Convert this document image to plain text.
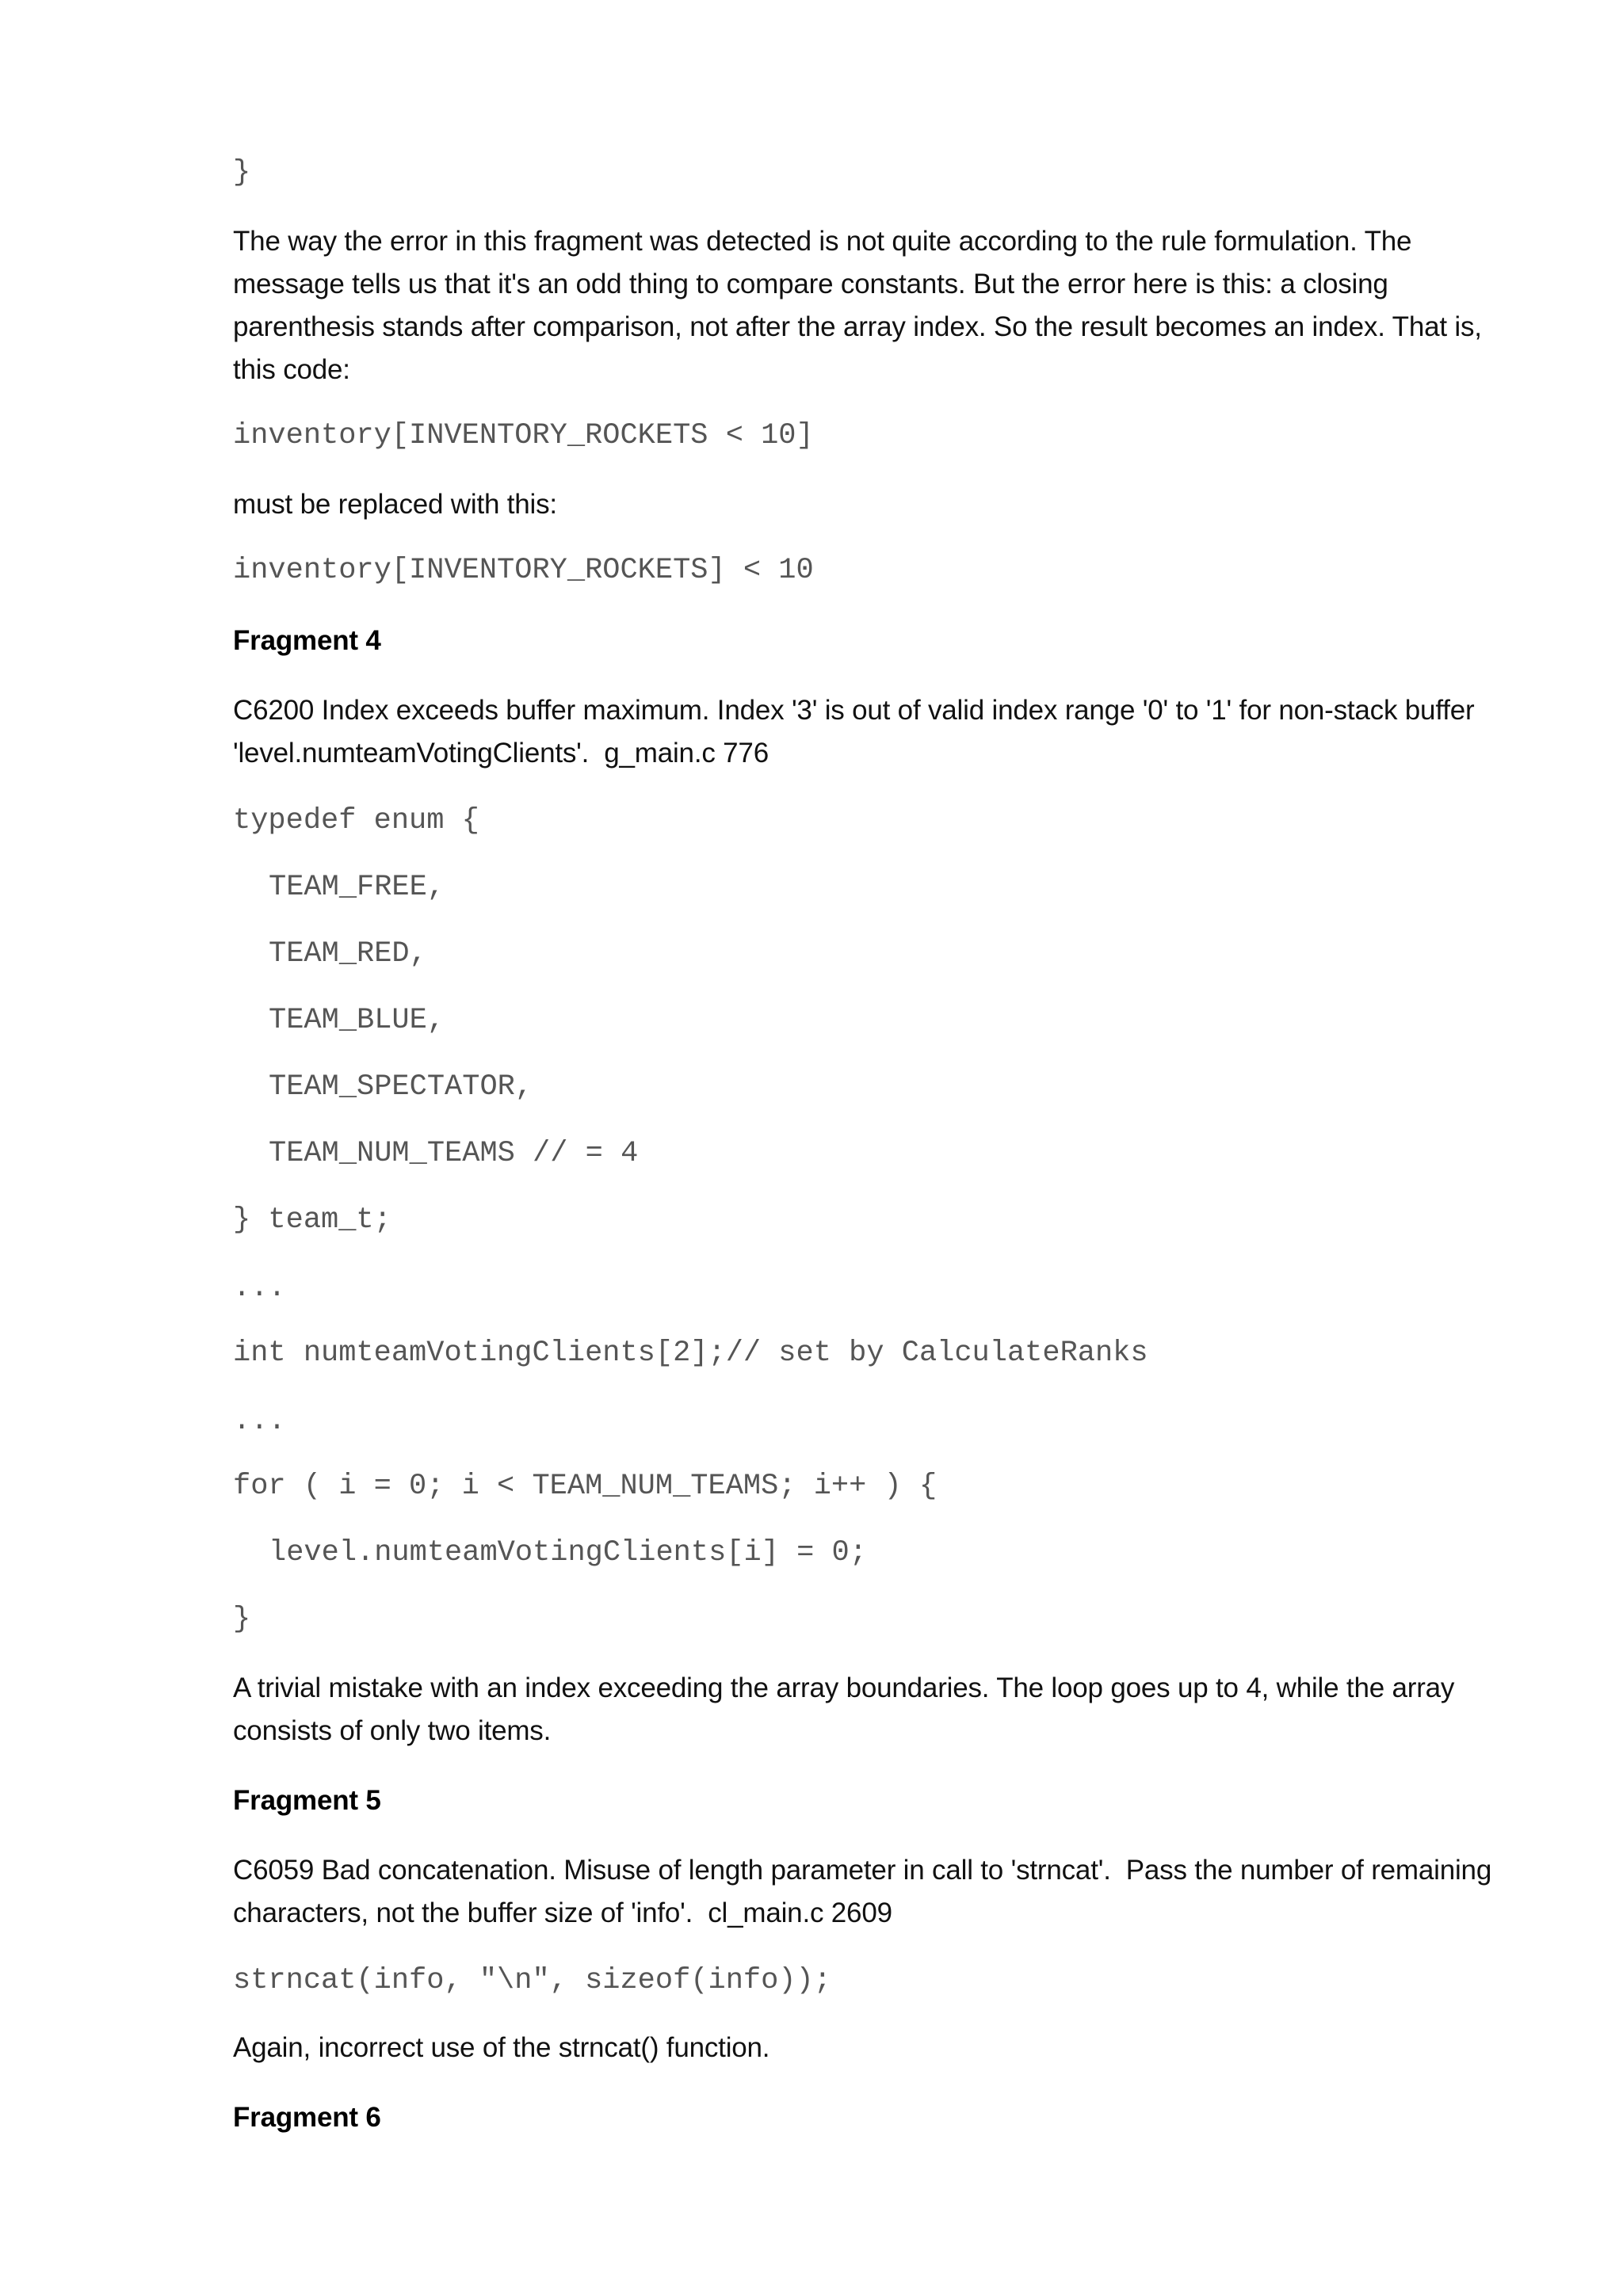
}
The way the error in this fragment was detected is not quite according to the rule formulation. The
message tells us that it's an odd thing to compare constants. But the error here is this: a closing
parenthesis stands after comparison, not after the array index. So the result becomes an index. That is,
this code:
inventory[INVENTORY_ROCKETS < 10]
must be replaced with this:
inventory[INVENTORY_ROCKETS] < 10
Fragment 4
C6200 Index exceeds buffer maximum. Index '3' is out of valid index range '0' to '1' for non-stack buffer
'level.numteamVotingClients'.  g_main.c 776
typedef enum {
TEAM_FREE,
TEAM_RED,
TEAM_BLUE,
TEAM_SPECTATOR,
TEAM_NUM_TEAMS // = 4
} team_t;
...
int numteamVotingClients[2];// set by CalculateRanks
...
for ( i = 0; i < TEAM_NUM_TEAMS; i++ ) {
level.numteamVotingClients[i] = 0;
}
A trivial mistake with an index exceeding the array boundaries. The loop goes up to 4, while the array
consists of only two items.
Fragment 5
C6059 Bad concatenation. Misuse of length parameter in call to 'strncat'.  Pass the number of remaining
characters, not the buffer size of 'info'.  cl_main.c 2609
strncat(info, "\n", sizeof(info));
Again, incorrect use of the strncat() function.
Fragment 6
